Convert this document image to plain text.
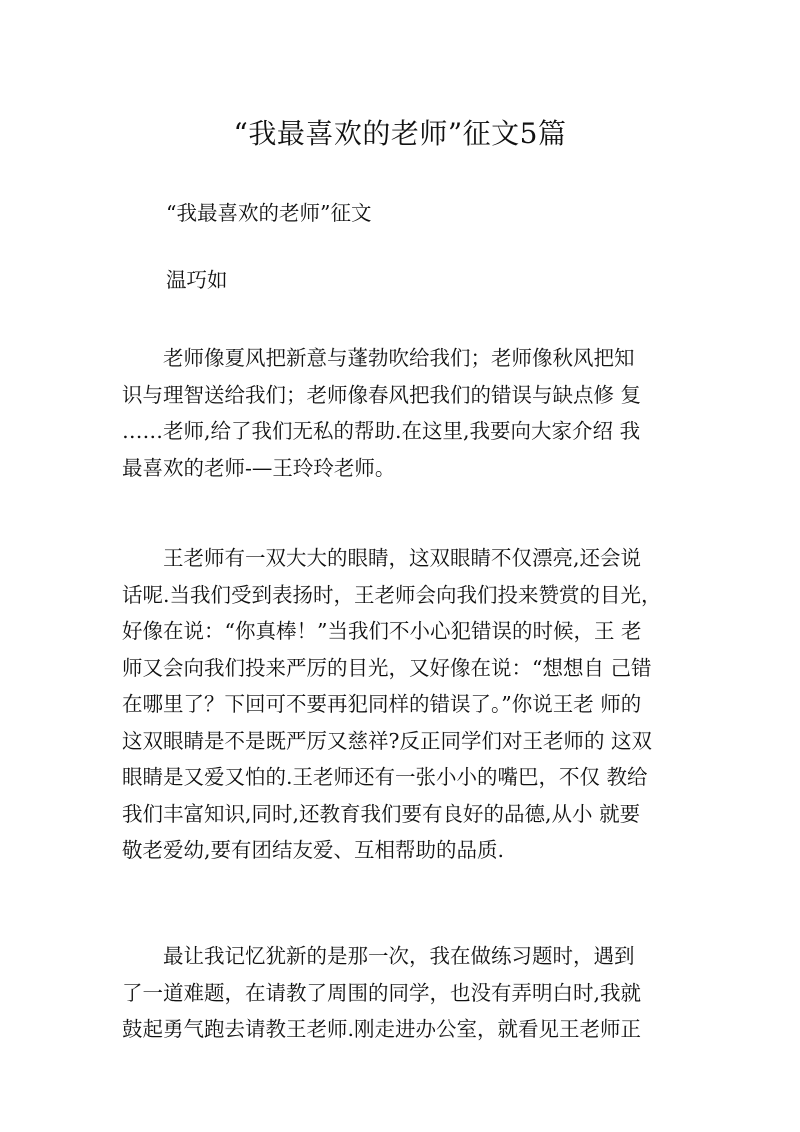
“我最喜欢的老师”征文5篇

“我最喜欢的老师”征文

温巧如

　　老师像夏风把新意与蓬勃吹给我们；老师像秋风把知
识与理智送给我们；老师像春风把我们的错误与缺点修 复
……老师,给了我们无私的帮助.在这里,我要向大家介绍 我
最喜欢的老师-—王玲玲老师。
　　王老师有一双大大的眼睛，这双眼睛不仅漂亮,还会说
话呢.当我们受到表扬时，王老师会向我们投来赞赏的目光，
好像在说：“你真棒！”当我们不小心犯错误的时候，王 老
师又会向我们投来严厉的目光，又好像在说：“想想自 己错
在哪里了？下回可不要再犯同样的错误了。”你说王老 师的
这双眼睛是不是既严厉又慈祥?反正同学们对王老师的 这双
眼睛是又爱又怕的.王老师还有一张小小的嘴巴，不仅 教给
我们丰富知识,同时,还教育我们要有良好的品德,从小 就要
敬老爱幼,要有团结友爱、互相帮助的品质.
　　最让我记忆犹新的是那一次，我在做练习题时，遇到
了一道难题，在请教了周围的同学，也没有弄明白时,我就
鼓起勇气跑去请教王老师.刚走进办公室，就看见王老师正
